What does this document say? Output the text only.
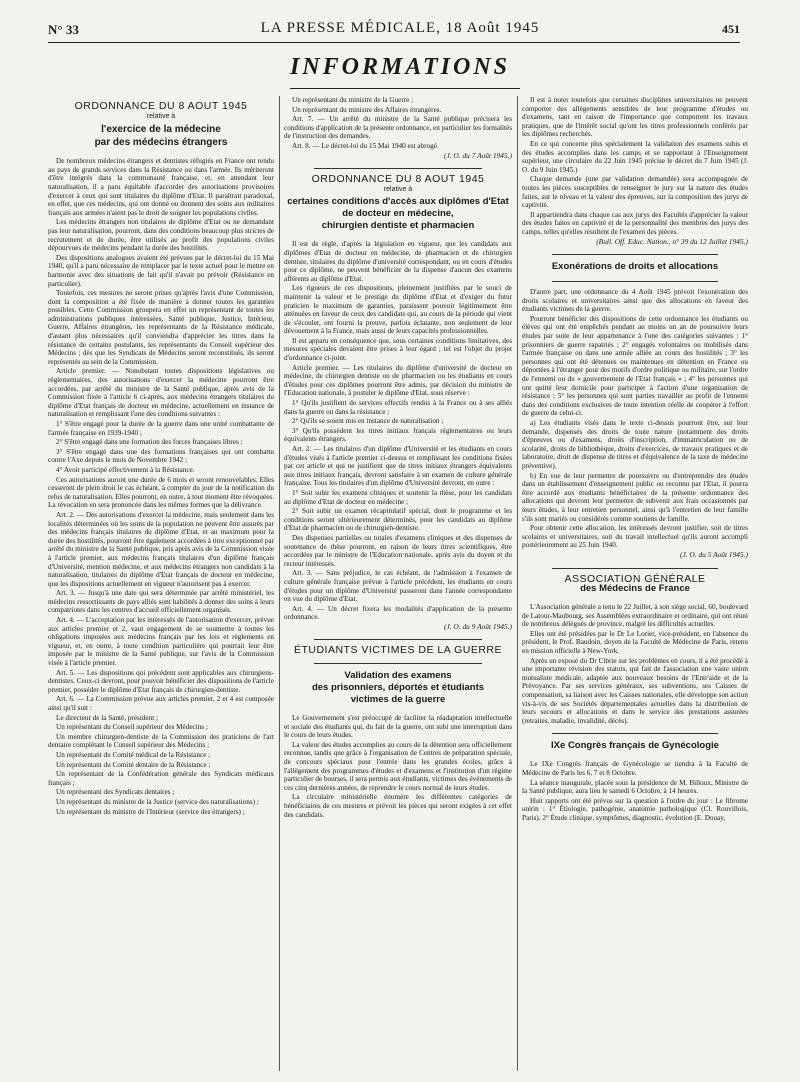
N° 33	LA PRESSE MÉDICALE, 18 Août 1945	451
INFORMATIONS
ORDONNANCE DU 8 AOUT 1945
relative à
l'exercice de la médecine
par des médecins étrangers

De nombreux médecins étrangers et dentistes réfugiés en France ont rendu au pays de grands services dans la Résistance ou dans l'armée. Ils mériteront d'être intégrés dans la communauté française, et, en attendant leur naturalisation, il a paru équitable d'accorder des autorisations provisoires d'exercer à ceux qui sont titulaires du diplôme d'Etat. Il paraîtrait paradoxal, en effet, que ces médecins, qui ont donné ou donnent des soins aux militaires français aux armées n'aient pas le droit de soigner les populations civiles.

Les médecins étrangers non titulaires de diplôme d'Etat ou ne demandant pas leur naturalisation, pourront, dans des conditions beaucoup plus strictes de recrutement et de durée, être utilisés au profit des populations civiles dépourvues de médecins pendant la durée des hostilités.

Des dispositions analogues avaient été prévues par le décret-loi du 15 Mai 1940, qu'il a paru nécessaire de remplacer par le texte actuel pour le mettre en harmonie avec des situations de fait qu'il n'avait pu prévoir (Résistance en particulier).

Toutefois, ces mesures ne seront prises qu'après l'avis d'une Commission, dont la composition a été fixée de manière à donner toutes les garanties possibles. Cette Commission groupera en effet un représentant de toutes les administrations publiques intéressées, Santé publique, Justice, Intérieur, Guerre, Affaires étrangères, les représentants de la Résistance médicale, d'autant plus nécessaires qu'il conviendra d'apprécier les titres dans la résistance de certains postulants, les représentants du Conseil supérieur des Médecins ; dès que les Syndicats de Médecins seront reconstitués, ils seront représentés au sein de la Commission.

Article premier. — Nonobstant toutes dispositions législatives ou réglementaires, des autorisations d'exercer la médecine pourront être accordées, par arrêté du ministre de la Santé publique, après avis de la Commission fixée à l'article 6 ci-après, aux médecins étrangers titulaires du diplôme d'Etat français de docteur en médecine, actuellement en instance de naturalisation et remplissant l'une des conditions suivantes :

1° S'être engagé pour la durée de la guerre dans une unité combattante de l'armée française en 1939-1940 ;

2° S'être engagé dans une formation des forces françaises libres ;

3° S'être engagé dans une des formations françaises qui ont combattu contre l'Axe depuis le mois de Novembre 1942 ;

4° Avoir participé effectivement à la Résistance.

Ces autorisations auront une durée de 6 mois et seront renouvelables. Elles cesseront de plein droit le cas échéant, à compter du jour de la notification du refus de naturalisation. Elles pourront, en outre, à tout moment être révoquées. La révocation en sera prononcée dans les mêmes formes que la délivrance.

Art. 2. — Des autorisations d'exercer la médecine, mais seulement dans les localités déterminées où les soins de la population ne peuvent être assurés par des médecins français titulaires du diplôme d'Etat, et au maximum pour la durée des hostilités, pourront être également accordées à titre exceptionnel par arrêté du ministre de la Santé publique, pris après avis de la Commission visée à l'article premier, aux médecins français titulaires d'un diplôme français d'Université, mention médecine, et aux médecins étrangers non candidats à la naturalisation, titulaires du diplôme d'Etat français de docteur en médecine, que les dispositions actuellement en vigueur n'autorisent pas à exercer.

Art. 3. — Jusqu'à une date qui sera déterminée par arrêté ministériel, les médecins ressortissants de pays alliés sont habilités à donner des soins à leurs compatriotes dans les centres d'accueil officiellement organisés.

Art. 4. — L'acceptation par les intéressés de l'autorisation d'exercer, prévue aux articles premier et 2, vaut engagement de se soumettre à toutes les obligations imposées aux médecins français par les lois et règlements en vigueur, et, en outre, à toute condition particulière qui pourrait leur être imposée par le ministre de la Santé publique, sur l'avis de la Commission visée à l'article premier.

Art. 5. — Les dispositions qui précèdent sont applicables aux chirurgiens-dentistes. Ceux-ci devront, pour pouvoir bénéficier des dispositions de l'article premier, posséder le diplôme d'Etat français de chirurgien-dentiste.

Art. 6. — La Commission prévue aux articles premier, 2 et 4 est composée ainsi qu'il suit :

Le directeur de la Santé, président ;

Un représentant du Conseil supérieur des Médecins ;

Un membre chirurgien-dentiste de la Commission des praticiens de l'art dentaire complétant le Conseil supérieur des Médecins ;

Un représentant du Comité médical de la Résistance ;

Un représentant du Comité dentaire de la Résistance ;

Un représentant de la Confédération générale des Syndicats médicaux français ;

Un représentant des Syndicats dentaires ;

Un représentant du ministre de la Justice (service des naturalisations) ;

Un représentant du ministre de l'Intérieur (service des étrangers) ;

Un représentant du ministre de la Guerre ;

Un représentant du ministre des Affaires étrangères.

Art. 7. — Un arrêté du ministre de la Santé publique précisera les conditions d'application de la présente ordonnance, en particulier les formalités de l'instruction des demandes.

Art. 8. — Le décret-loi du 15 Mai 1940 est abrogé.

(J. O. du 7 Août 1945.)
ORDONNANCE DU 8 AOUT 1945
relative à
certaines conditions d'accès aux diplômes d'Etat
de docteur en médecine,
chirurgien dentiste et pharmacien

Il est de règle, d'après la législation en vigueur, que les candidats aux diplômes d'Etat de docteur en médecine, de pharmacien et de chirurgien dentiste, titulaires du diplôme d'université correspondant, ou en cours d'études pour ce diplôme, ne peuvent bénéficier de la dispense d'aucun des examens afférents au diplôme d'Etat.

Les rigueurs de ces dispositions, pleinement justifiées par le souci de maintenir la valeur et le prestige du diplôme d'Etat et d'exiger du futur praticien le maximum de garanties, paraissent pouvoir légitimement être atténuées en faveur de ceux des candidats qui, au cours de la période qui vient de s'écouler, ont fourni la preuve, parfois éclatante, non seulement de leur dévouement à la France, mais aussi de leurs capacités professionnelles.

Il est apparu en conséquence que, sous certaines conditions limitatives, des mesures spéciales devaient être prises à leur égard ; tel est l'objet du projet d'ordonnance ci-joint.

Article premier. — Les titulaires du diplôme d'université de docteur en médecine, de chirurgien dentiste ou de pharmacien ou les étudiants en cours d'études pour ces diplômes pourront être admis, par décision du ministre de l'Education nationale, à postuler le diplôme d'Etat, sous réserve :

1° Qu'ils justifient de services effectifs rendus à la France ou à ses alliés dans la guerre ou dans la résistance ;

2° Qu'ils se soient mis en instance de naturalisation ;

3° Qu'ils possèdent les titres initiaux français réglementaires ou leurs équivalents étrangers.

Art. 2. — Les titulaires d'un diplôme d'Université et les étudiants en cours d'études visés à l'article premier ci-dessus et remplissant les conditions fixées par cet article et qui ne justifient que de titres initiaux étrangers équivalents aux titres initiaux français, devront satisfaire à un examen de culture générale française. Tous les titulaires d'un diplôme d'Université devront, en outre :

1° Soit subir les examens cliniques et soutenir la thèse, pour les candidats au diplôme d'Etat de docteur en médecine ;

2° Soit subir un examen récapitulatif spécial, dont le programme et les conditions seront ultérieurement déterminés, pour les candidats au diplôme d'Etat de pharmacien ou de chirurgien-dentiste.

Des dispenses partielles ou totales d'examens cliniques et des dispenses de soutenance de thèse pourront, en raison de leurs titres scientifiques, être accordées par le ministre de l'Education nationale, après avis du doyen et du recteur intéressés.

Art. 3. — Sans préjudice, le cas échéant, de l'admission à l'examen de culture générale française prévue à l'article précédent, les étudiants en cours d'études pour un diplôme d'Université passeront dans l'année correspondante en vue du diplôme d'Etat.

Art. 4. — Un décret fixera les modalités d'application de la présente ordonnance.

(J. O. du 9 Août 1945.)
ÉTUDIANTS VICTIMES DE LA GUERRE
Validation des examens
des prisonniers, déportés et étudiants
victimes de la guerre

Le Gouvernement s'est préoccupé de faciliter la réadaptation intellectuelle et sociale des étudiants qui, du fait de la guerre, ont subi une interruption dans le cours de leurs études.

La valeur des études accomplies au cours de la détention sera officiellement reconnue, tandis que grâce à l'organisation de Centres de préparation spéciale, de concours spéciaux pour l'entrée dans les grandes écoles, grâce à l'allègement des programmes d'études et d'examens et l'institution d'un régime particulier de bourses, il sera permis aux étudiants, victimes des événements de ces cinq dernières années, de reprendre le cours normal de leurs études.

La circulaire ministérielle énumère les différentes catégories de bénéficiaires de ces mesures et prévoit les pièces qui seront exigées à cet effet des candidats.

Il est à noter toutefois que certaines disciplines universitaires ne peuvent comporter des allègements sensibles de leur programme d'études ou d'examens, tant en raison de l'importance que comportent les travaux pratiques, que de l'intérêt social qu'ont les titres professionnels conférés par les diplômes recherchés.

En ce qui concerne plus spécialement la validation des examens subis et des études accomplies dans les camps et se rapportant à l'Enseignement supérieur, une circulaire du 22 Juin 1945 précise le décret du 7 Juin 1945 (J. O. du 9 Juin 1945.)

Chaque demande (une par validation demandée) sera accompagnée de toutes les pièces susceptibles de renseigner le jury sur la nature des études faites, sur le niveau et la valeur des épreuves, sur la composition des jurys de captivité.

Il appartiendra dans chaque cas aux jurys des Facultés d'apprécier la valeur des études faites en captivité et de la personnalité des membres des jurys des camps, telles qu'elles résultent de l'examen des pièces.

(Bull. Off. Educ. Nation., n° 39 du 12 Juillet 1945.)
Exonérations de droits et allocations

D'autre part, une ordonnance du 4 Août 1945 prévoit l'exonération des droits scolaires et universitaires ainsi que des allocations en faveur des étudiants victimes de la guerre.

Pourront bénéficier des dispositions de cette ordonnance les étudiants ou élèves qui ont été empêchés pendant au moins un an de poursuivre leurs études par suite de leur appartenance à l'une des catégories suivantes : 1° prisonniers de guerre rapatriés ; 2° engagés volontaires ou mobilisés dans l'armée française ou dans une armée alliée au cours des hostilités ; 3° les personnes qui ont été détenues ou maintenues en détention en France ou déportées à l'étranger pour des motifs d'ordre politique ou militaire, sur l'ordre de l'ennemi ou du « gouvernement de l'Etat français » ; 4° les personnes qui ont quitté leur domicile pour participer à l'action d'une organisation de résistance ; 5° les personnes qui sont parties travailler au profit de l'ennemi dans des conditions exclusives de toute intention réelle de coopérer à l'effort de guerre de celui-ci.

a) Les étudiants visés dans le texte ci-dessus pourront être, sur leur demande, dispensés des droits de toute nature (notamment des droits d'épreuves ou d'examens, droits d'inscription, d'immatriculation ou de scolarité, droits de bibliothèque, droits d'exercices, de travaux pratiques et de laboratoire, droit de dispense de titres et d'équivalence de la taxe de médecine préventive).

b) En vue de leur permettre de poursuivre ou d'entreprendre des études dans un établissement d'enseignement public ou reconnu par l'Etat, il pourra être accordé aux étudiants bénéficiaires de la présente ordonnance des allocations qui devront leur permettre de subvenir aux frais occasionnés par leurs études, à leur entretien personnel, ainsi qu'à l'entretien de leur famille s'ils sont mariés ou considérés comme soutiens de famille.

Pour obtenir cette allocation, les intéressés devront justifier, soit de titres scolaires et universitaires, soit du travail intellectuel qu'ils auront accompli postérieurement au 25 Juin 1940.

(J. O. du 5 Août 1945.)
ASSOCIATION GÉNÉRALE
des Médecins de France

L'Association générale a tenu le 22 Juillet, à son siège social, 60, boulevard de Latour-Maubourg, ses Assemblées extraordinaire et ordinaire, qui ont réuni de nombreux délégués de province, malgré les difficultés actuelles.

Elles ont été présidées par le Dr Le Lorier, vice-président, en l'absence du président, le Prof. Baudoin, doyen de la Faculté de Médecine de Paris, retenu en mission officielle à New-York.

Après un exposé du Dr Cibrie sur les problèmes en cours, il a été procédé à une importante révision des statuts, qui fait de l'association une vaste union mutualiste médicale, adaptée aux nouveaux besoins de l'Entr'aide et de la Prévoyance. Par ses services généraux, ses subventions, ses Caisses de compensation, sa liaison avec les Caisses nationales, elle développe son action vis-à-vis de ses Sociétés départementales actuelles dans la distribution de leurs secours et allocations et dans le service des prestations assurées (retraites, maladie, invalidité, décès).

IXe Congrès français de Gynécologie

Le IXe Congrès français de Gynécologie se tiendra à la Faculté de Médecine de Paris les 6, 7 et 8 Octobre.

La séance inaugurale, placée sous la présidence de M. Billoux, Ministre de la Santé publique, aura lieu le samedi 6 Octobre, à 14 heures.

Huit rapports ont été prévus sur la question à l'ordre du jour : Le fibrome utérin : 1° Étiologie, pathogénie, anatomie pathologique (Cl. Rouvillois, Paris). 2° Étude clinique, symptômes, diagnostic, évolution (E. Douay,
